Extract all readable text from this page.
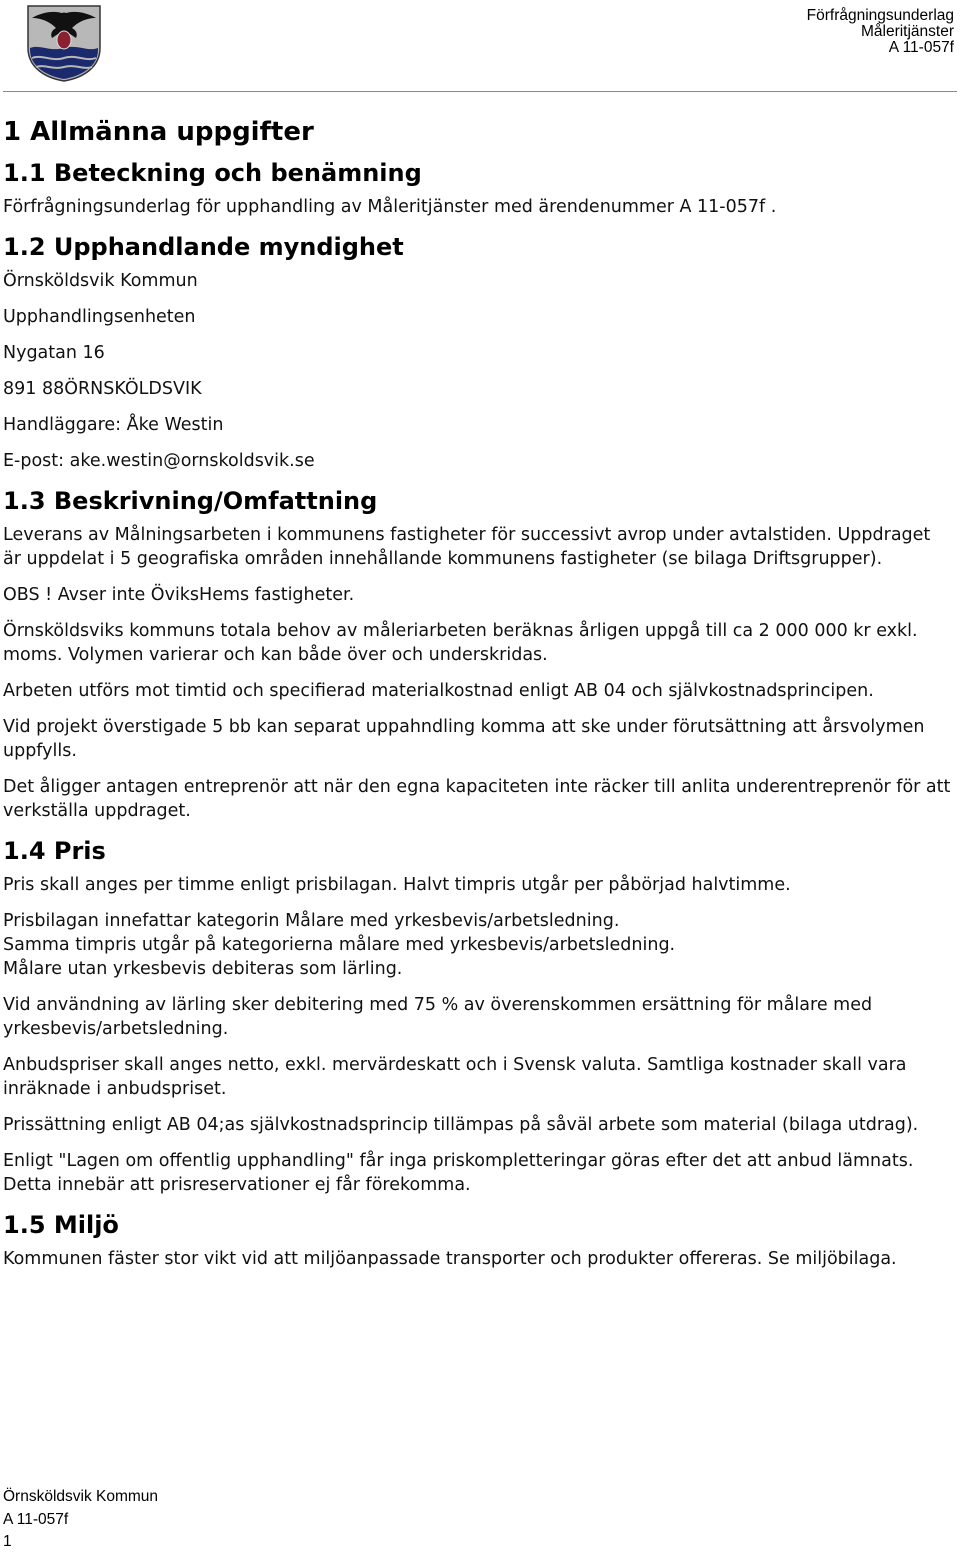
Förfrågningsunderlag
Måleritjänster
A 11-057f
1 Allmänna uppgifter
1.1 Beteckning och benämning

Förfrågningsunderlag för upphandling av Måleritjänster med ärendenummer A 11-057f .

1.2 Upphandlande myndighet

Örnsköldsvik Kommun

Upphandlingsenheten

Nygatan 16

891 88ÖRNSKÖLDSVIK

Handläggare: Åke Westin

E-post: ake.westin@ornskoldsvik.se

1.3 Beskrivning/Omfattning

Leverans av Målningsarbeten i kommunens fastigheter för successivt avrop under avtalstiden. Uppdraget är uppdelat i 5 geografiska områden innehållande kommunens fastigheter (se bilaga Driftsgrupper).

OBS ! Avser inte ÖviksHems fastigheter.

Örnsköldsviks kommuns totala behov av måleriarbeten beräknas årligen uppgå till ca 2 000 000 kr exkl. moms. Volymen varierar och kan både över och underskridas.

Arbeten utförs mot timtid och specifierad materialkostnad enligt AB 04 och självkostnadsprincipen.

Vid projekt överstigade 5 bb kan separat uppahndling komma att ske under förutsättning att årsvolymen uppfylls.

Det åligger antagen entreprenör att när den egna kapaciteten inte räcker till anlita underentreprenör för att verkställa uppdraget.

1.4 Pris

Pris skall anges per timme enligt prisbilagan. Halvt timpris utgår per påbörjad halvtimme.

Prisbilagan innefattar kategorin Målare med yrkesbevis/arbetsledning.

Samma timpris utgår på kategorierna målare med yrkesbevis/arbetsledning.

Målare utan yrkesbevis debiteras som lärling.

Vid användning av lärling sker debitering med 75 % av överenskommen ersättning för målare med yrkesbevis/arbetsledning.

Anbudspriser skall anges netto, exkl. mervärdeskatt och i Svensk valuta. Samtliga kostnader skall vara inräknade i anbudspriset.

Prissättning enligt AB 04;as självkostnadsprincip tillämpas på såväl arbete som material (bilaga utdrag).

Enligt "Lagen om offentlig upphandling" får inga priskompletteringar göras efter det att anbud lämnats. Detta innebär att prisreservationer ej får förekomma.

1.5 Miljö

Kommunen fäster stor vikt vid att miljöanpassade transporter och produkter offereras. Se miljöbilaga.

Örnsköldsvik Kommun
A 11-057f
1
